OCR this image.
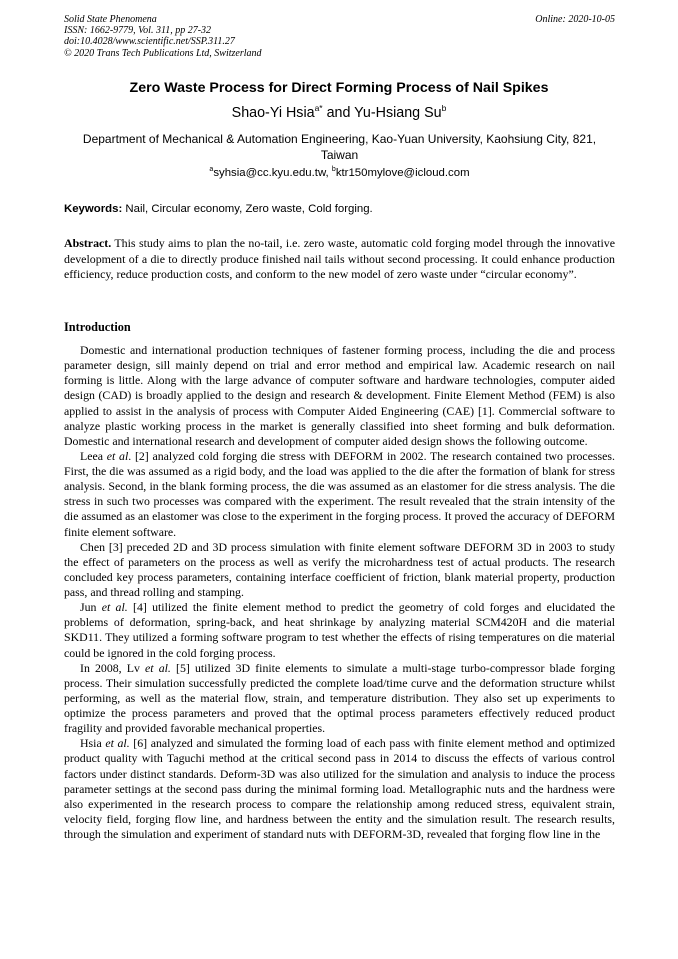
Solid State Phenomena
ISSN: 1662-9779, Vol. 311, pp 27-32
doi:10.4028/www.scientific.net/SSP.311.27
© 2020 Trans Tech Publications Ltd, Switzerland
Online: 2020-10-05
Zero Waste Process for Direct Forming Process of Nail Spikes
Shao-Yi Hsia$^{a*}$ and Yu-Hsiang Su$^b$
Department of Mechanical & Automation Engineering, Kao-Yuan University, Kaohsiung City, 821, Taiwan
$^a$syhsia@cc.kyu.edu.tw, $^b$ktr150mylove@icloud.com
Keywords: Nail, Circular economy, Zero waste, Cold forging.

Abstract. This study aims to plan the no-tail, i.e. zero waste, automatic cold forging model through the innovative development of a die to directly produce finished nail tails without second processing. It could enhance production efficiency, reduce production costs, and conform to the new model of zero waste under “circular economy”.

Introduction

Domestic and international production techniques of fastener forming process, including the die and process parameter design, sill mainly depend on trial and error method and empirical law. Academic research on nail forming is little. Along with the large advance of computer software and hardware technologies, computer aided design (CAD) is broadly applied to the design and research & development. Finite Element Method (FEM) is also applied to assist in the analysis of process with Computer Aided Engineering (CAE) [1]. Commercial software to analyze plastic working process in the market is generally classified into sheet forming and bulk deformation. Domestic and international research and development of computer aided design shows the following outcome.

Leea et al. [2] analyzed cold forging die stress with DEFORM in 2002. The research contained two processes. First, the die was assumed as a rigid body, and the load was applied to the die after the formation of blank for stress analysis. Second, in the blank forming process, the die was assumed as an elastomer for die stress analysis. The die stress in such two processes was compared with the experiment. The result revealed that the strain intensity of the die assumed as an elastomer was close to the experiment in the forging process. It proved the accuracy of DEFORM finite element software.

Chen [3] preceded 2D and 3D process simulation with finite element software DEFORM 3D in 2003 to study the effect of parameters on the process as well as verify the microhardness test of actual products. The research concluded key process parameters, containing interface coefficient of friction, blank material property, production pass, and thread rolling and stamping.

Jun et al. [4] utilized the finite element method to predict the geometry of cold forges and elucidated the problems of deformation, spring-back, and heat shrinkage by analyzing material SCM420H and die material SKD11. They utilized a forming software program to test whether the effects of rising temperatures on die material could be ignored in the cold forging process.

In 2008, Lv et al. [5] utilized 3D finite elements to simulate a multi-stage turbo-compressor blade forging process. Their simulation successfully predicted the complete load/time curve and the deformation structure whilst performing, as well as the material flow, strain, and temperature distribution. They also set up experiments to optimize the process parameters and proved that the optimal process parameters effectively reduced product fragility and provided favorable mechanical properties.

Hsia et al. [6] analyzed and simulated the forming load of each pass with finite element method and optimized product quality with Taguchi method at the critical second pass in 2014 to discuss the effects of various control factors under distinct standards. Deform-3D was also utilized for the simulation and analysis to induce the process parameter settings at the second pass during the minimal forming load. Metallographic nuts and the hardness were also experimented in the research process to compare the relationship among reduced stress, equivalent strain, velocity field, forging flow line, and hardness between the entity and the simulation result. The research results, through the simulation and experiment of standard nuts with DEFORM-3D, revealed that forging flow line in the
